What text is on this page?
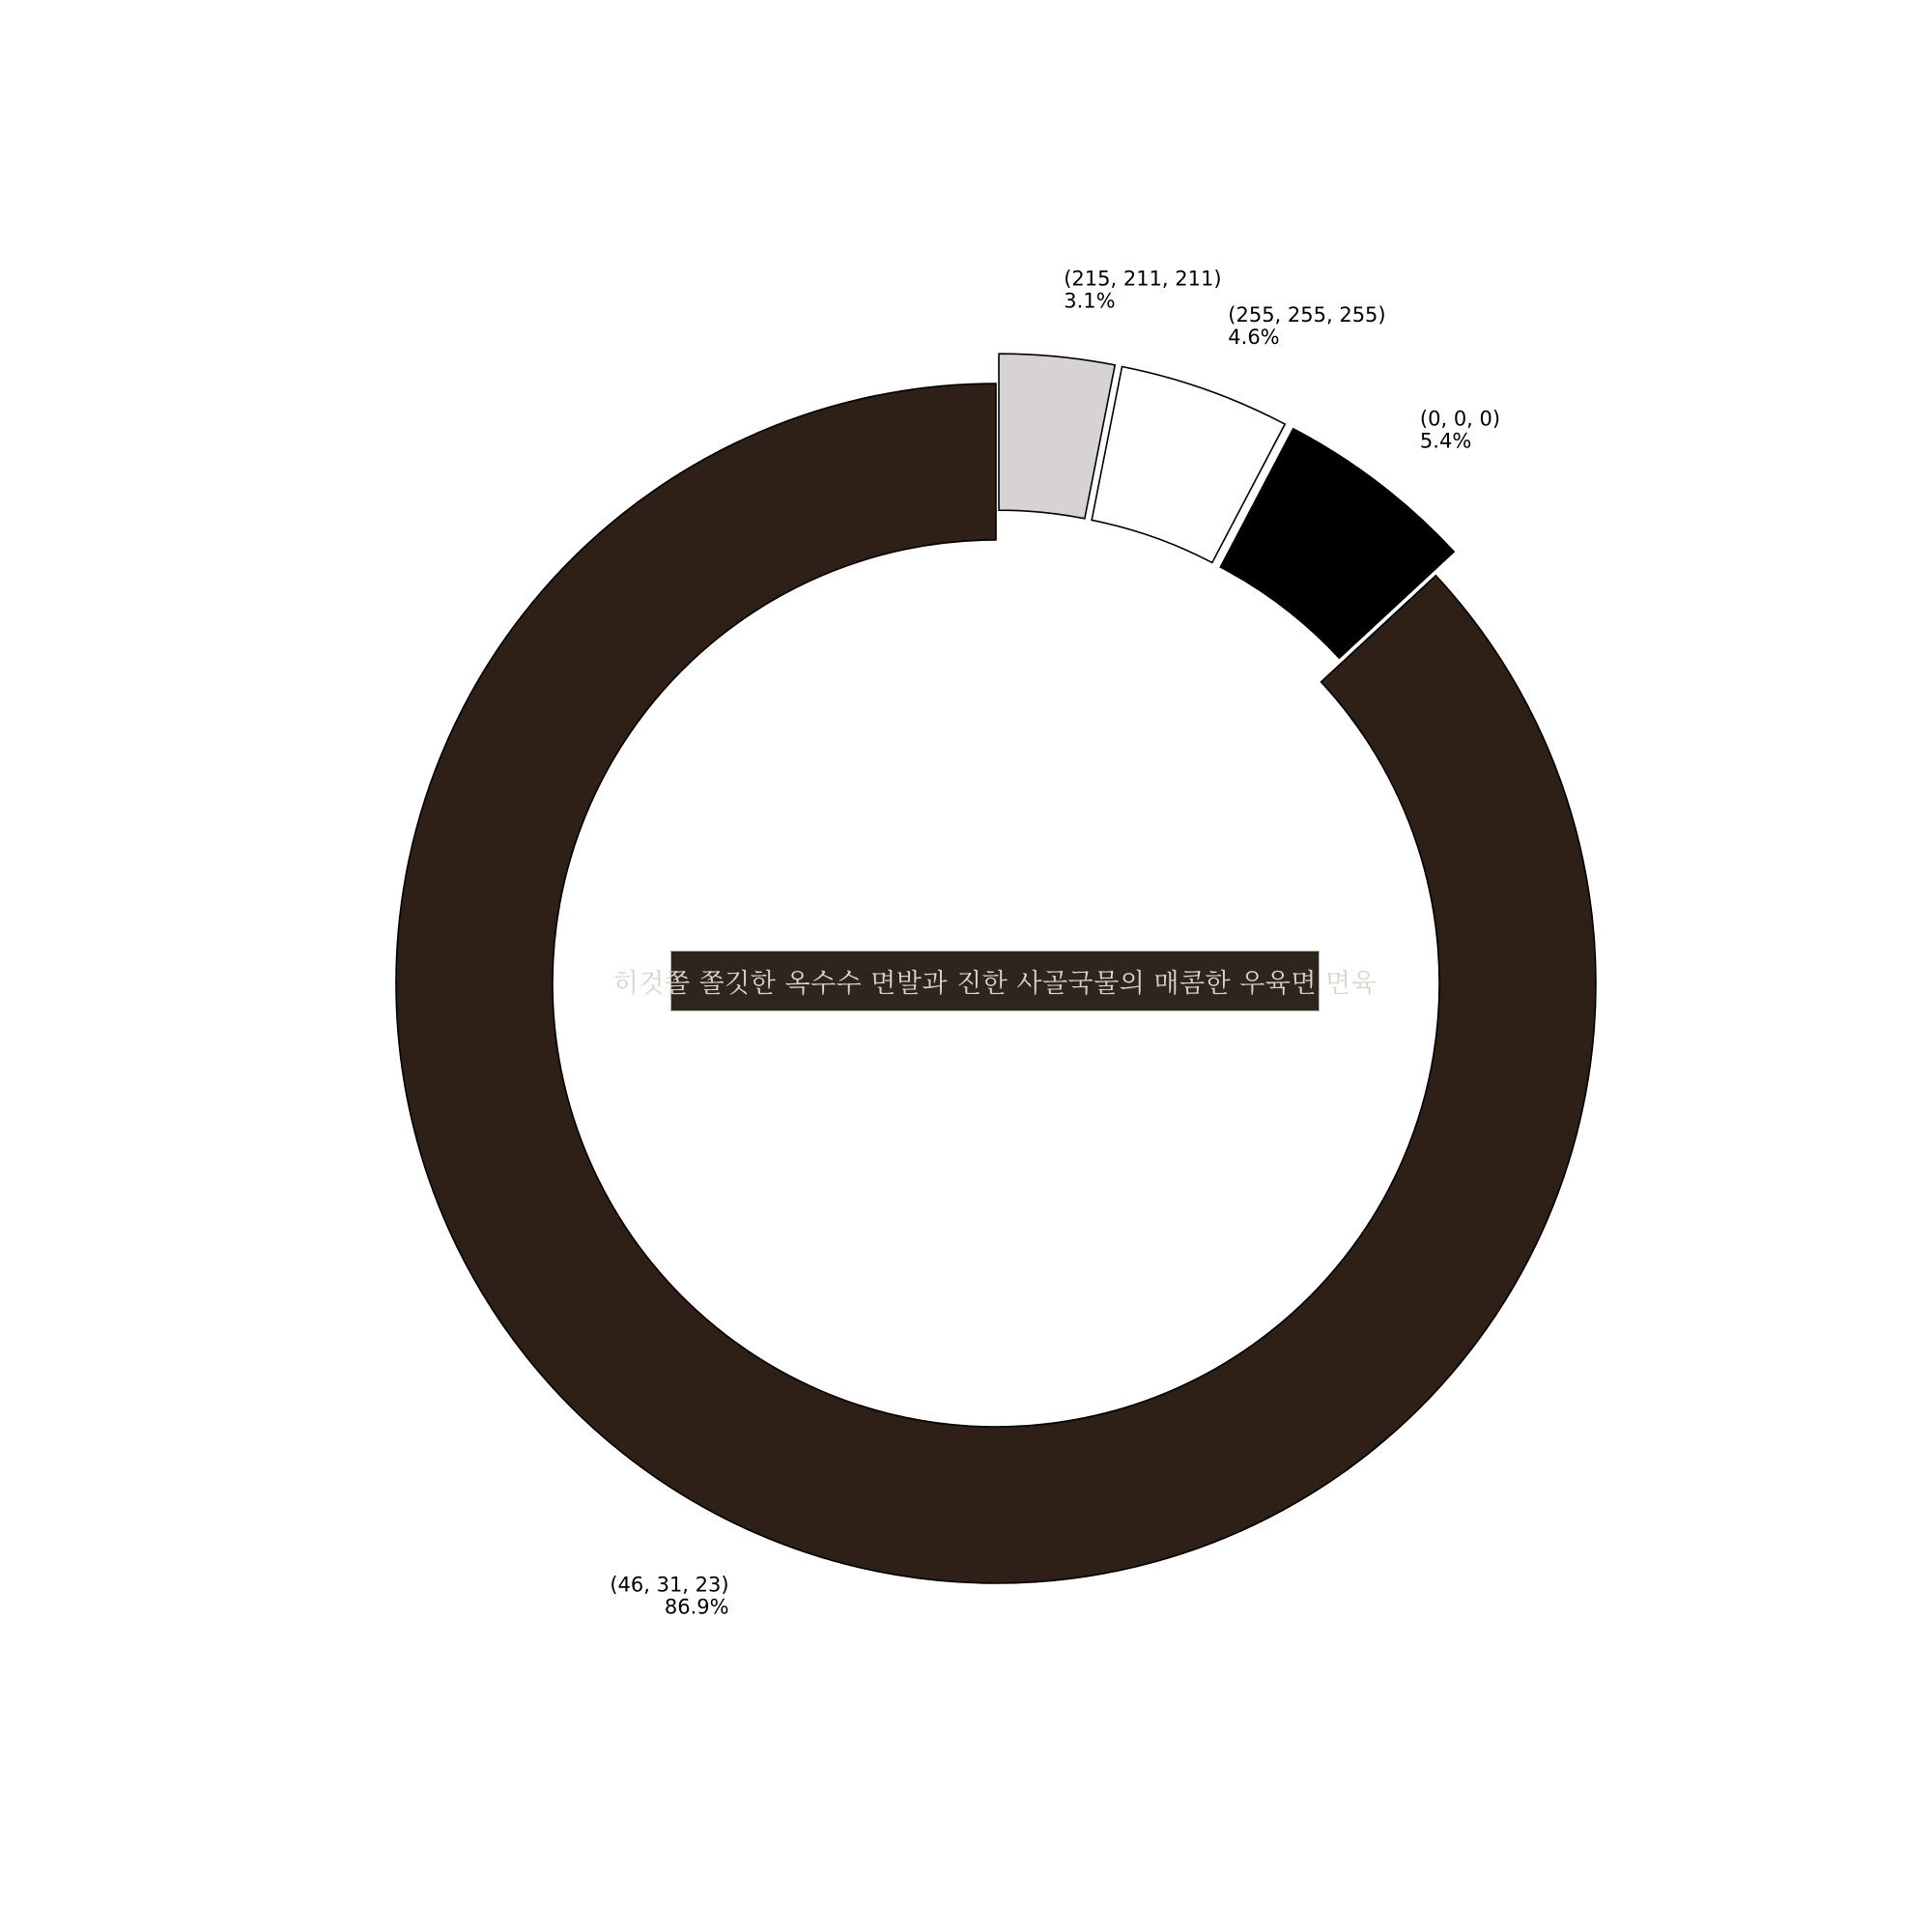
(46, 31, 23) 86.9%
(0, 0, 0) 5.4%
(255, 255, 255) 4.6%
(215, 211, 211) 3.1%
히것쫄 쫄깃한 옥수수 면발과 진한 사골국물의 매콤한 우육면 면육
